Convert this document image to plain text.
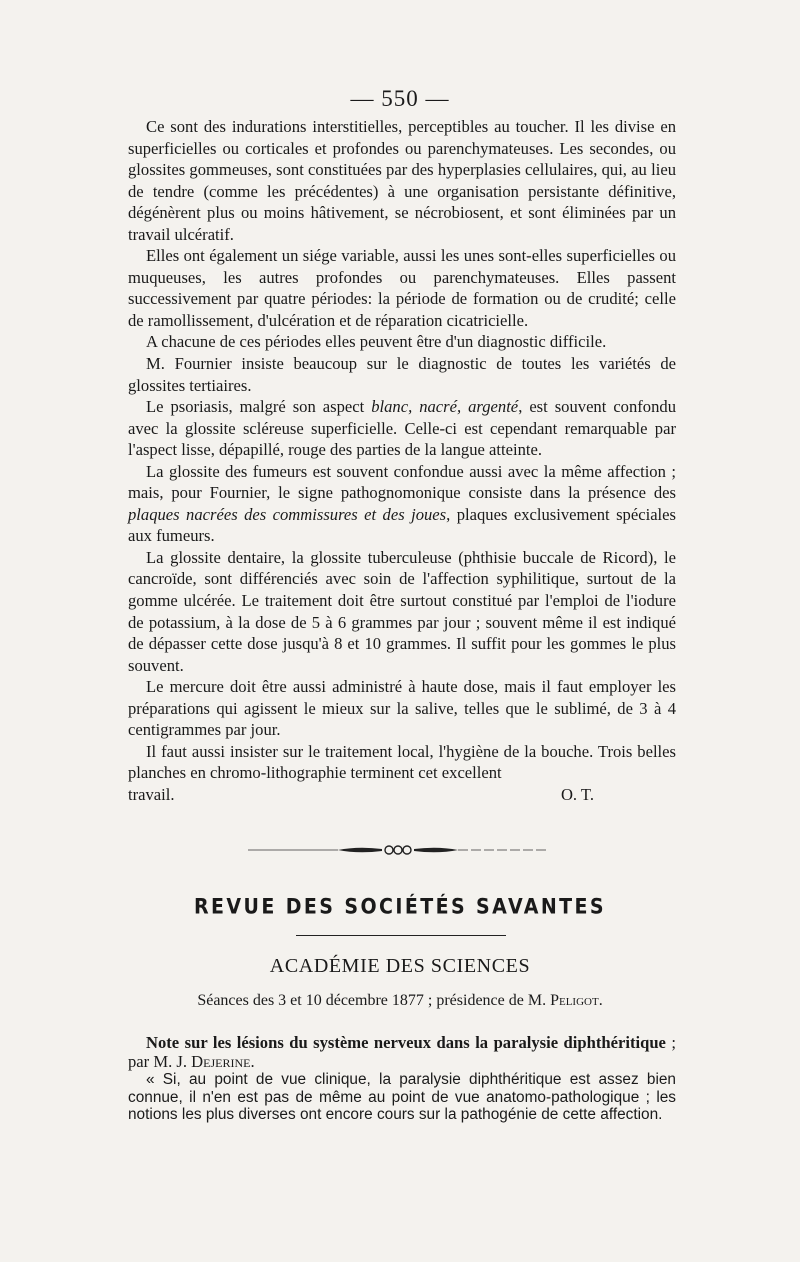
— 550 —

Ce sont des indurations interstitielles, perceptibles au toucher. Il les divise en superficielles ou corticales et profondes ou parenchymateuses. Les secondes, ou glossites gommeuses, sont constituées par des hyperplasies cellulaires, qui, au lieu de tendre (comme les précédentes) à une organisation persistante définitive, dégénèrent plus ou moins hâtivement, se nécrobiosent, et sont éliminées par un travail ulcératif.

Elles ont également un siége variable, aussi les unes sont-elles superficielles ou muqueuses, les autres profondes ou parenchymateuses. Elles passent successivement par quatre périodes: la période de formation ou de crudité; celle de ramollissement, d'ulcération et de réparation cicatricielle.

A chacune de ces périodes elles peuvent être d'un diagnostic difficile.

M. Fournier insiste beaucoup sur le diagnostic de toutes les variétés de glossites tertiaires.

Le psoriasis, malgré son aspect blanc, nacré, argenté, est souvent confondu avec la glossite scléreuse superficielle. Celle-ci est cependant remarquable par l'aspect lisse, dépapillé, rouge des parties de la langue atteinte.

La glossite des fumeurs est souvent confondue aussi avec la même affection ; mais, pour Fournier, le signe pathognomonique consiste dans la présence des plaques nacrées des commissures et des joues, plaques exclusivement spéciales aux fumeurs.

La glossite dentaire, la glossite tuberculeuse (phthisie buccale de Ricord), le cancroïde, sont différenciés avec soin de l'affection syphilitique, surtout de la gomme ulcérée. Le traitement doit être surtout constitué par l'emploi de l'iodure de potassium, à la dose de 5 à 6 grammes par jour ; souvent même il est indiqué de dépasser cette dose jusqu'à 8 et 10 grammes. Il suffit pour les gommes le plus souvent.

Le mercure doit être aussi administré à haute dose, mais il faut employer les préparations qui agissent le mieux sur la salive, telles que le sublimé, de 3 à 4 centigrammes par jour.

Il faut aussi insister sur le traitement local, l'hygiène de la bouche. Trois belles planches en chromo-lithographie terminent cet excellent

travail.	O. T.

REVUE DES SOCIÉTÉS SAVANTES
ACADÉMIE DES SCIENCES
Séances des 3 et 10 décembre 1877 ; présidence de M. Peligot.

Note sur les lésions du système nerveux dans la paralysie diphthéritique ; par M. J. Dejerine.

« Si, au point de vue clinique, la paralysie diphthéritique est assez bien connue, il n'en est pas de même au point de vue anatomo-pathologique ; les notions les plus diverses ont encore cours sur la pathogénie de cette affection.
